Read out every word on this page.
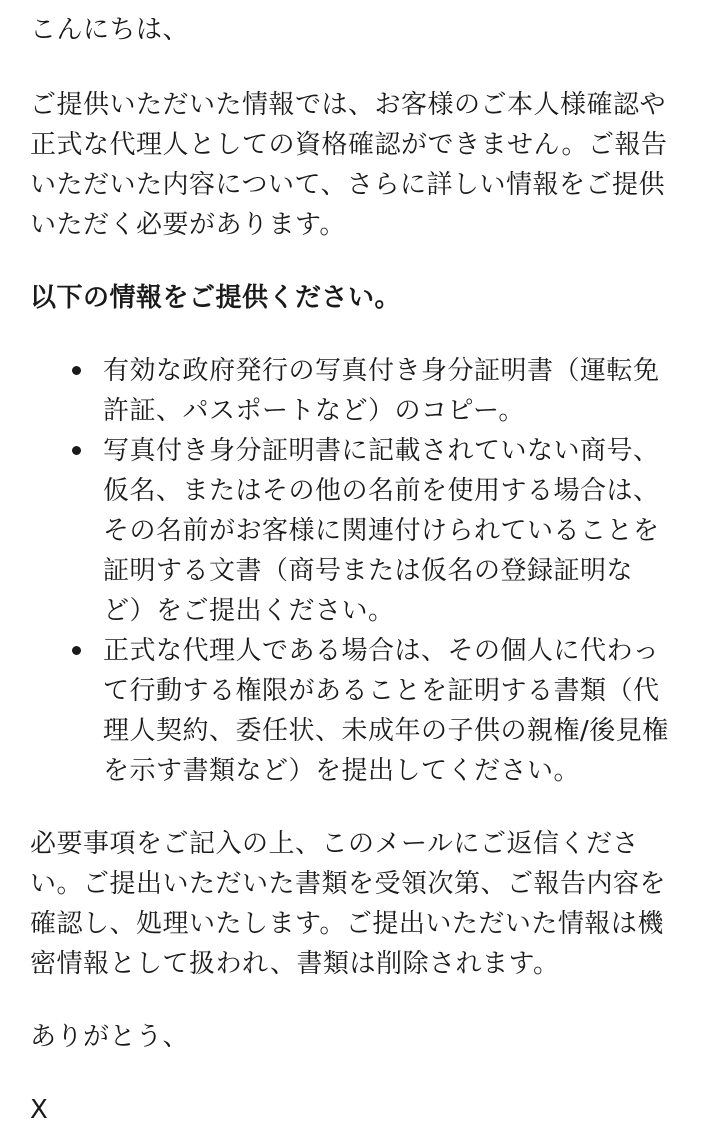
こんにちは、
ご提供いただいた情報では、お客様のご本人様確認や
正式な代理人としての資格確認ができません。ご報告
いただいた内容について、さらに詳しい情報をご提供
いただく必要があります。
以下の情報をご提供ください。
有効な政府発行の写真付き身分証明書（運転免
許証、パスポートなど）のコピー。
写真付き身分証明書に記載されていない商号、
仮名、またはその他の名前を使用する場合は、
その名前がお客様に関連付けられていることを
証明する文書（商号または仮名の登録証明な
ど）をご提出ください。
正式な代理人である場合は、その個人に代わっ
て行動する権限があることを証明する書類（代
理人契約、委任状、未成年の子供の親権/後見権
を示す書類など）を提出してください。
必要事項をご記入の上、このメールにご返信くださ
い。ご提出いただいた書類を受領次第、ご報告内容を
確認し、処理いたします。ご提出いただいた情報は機
密情報として扱われ、書類は削除されます。
ありがとう、
X
